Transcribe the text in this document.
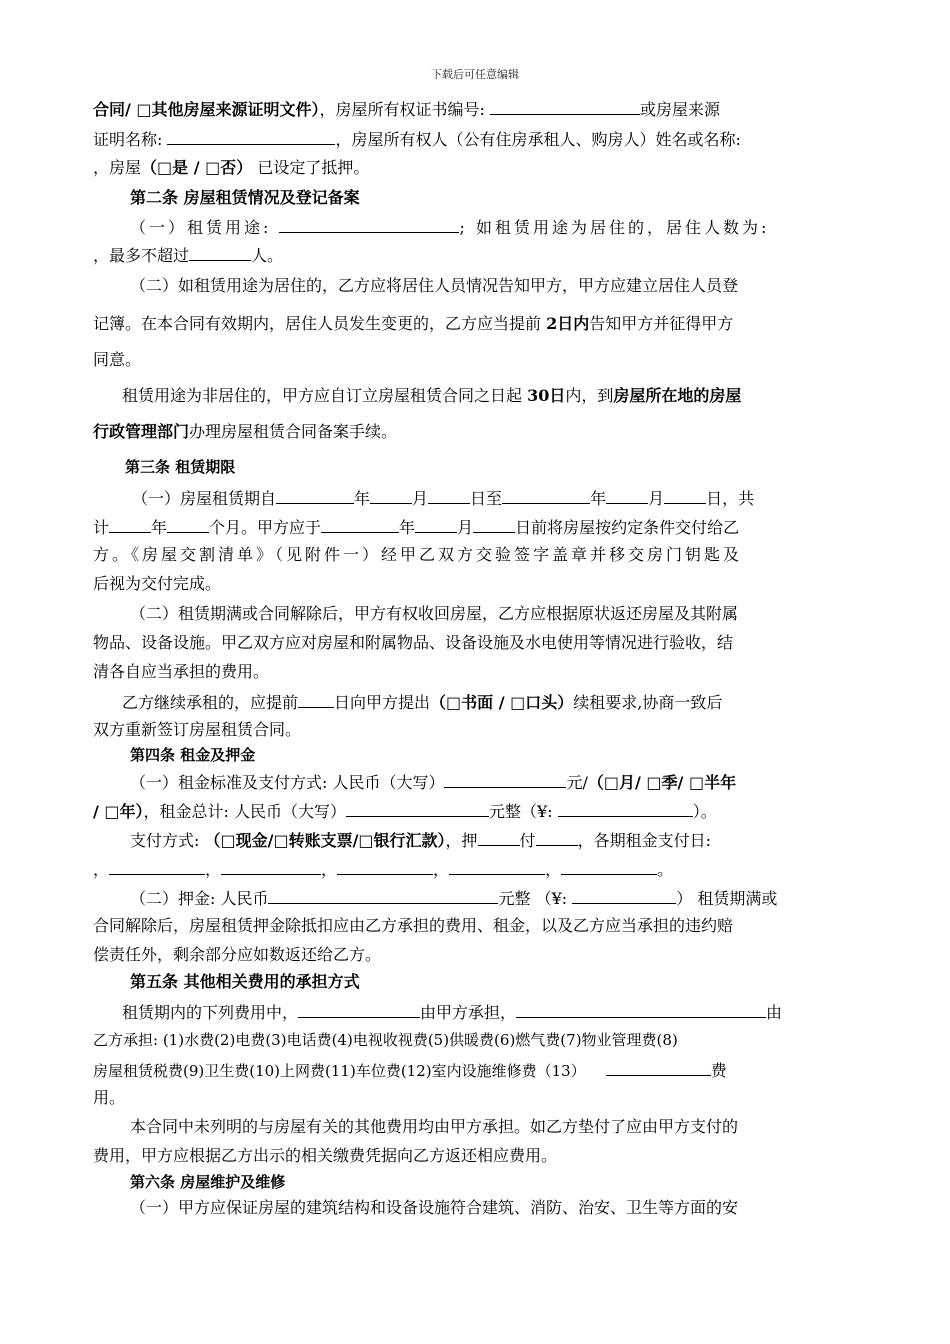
下载后可任意编辑
合同/ □其他房屋来源证明文件），房屋所有权证书编号:	或房屋来源
证明名称:	，房屋所有权人（公有住房承租人、购房人）姓名或名称:
，房屋（□是 / □否） 已设定了抵押。
第二条 房屋租赁情况及登记备案
（一）租赁用途:	; 如租赁用途为居住的，居住人数为:
，最多不超过	人。
（二）如租赁用途为居住的，乙方应将居住人员情况告知甲方，甲方应建立居住人员登
记簿。在本合同有效期内，居住人员发生变更的，乙方应当提前 2日内告知甲方并征得甲方
同意。
租赁用途为非居住的，甲方应自订立房屋租赁合同之日起 30日内，到房屋所在地的房屋
行政管理部门办理房屋租赁合同备案手续。
第三条 租赁期限
（一）房屋租赁期自	年	月	日至	年	月	日，共
计	年	个月。甲方应于	年	月	日前将房屋按约定条件交付给乙
方。《房屋交割清单》（见附件一）经甲乙双方交验签字盖章并移交房门钥匙及
后视为交付完成。
（二）租赁期满或合同解除后，甲方有权收回房屋，乙方应根据原状返还房屋及其附属
物品、设备设施。甲乙双方应对房屋和附属物品、设备设施及水电使用等情况进行验收，结
清各自应当承担的费用。
乙方继续承租的，应提前 日向甲方提出（□书面 / □口头）续租要求,协商一致后
双方重新签订房屋租赁合同。
第四条 租金及押金
（一）租金标准及支付方式: 人民币（大写）	元/（□月/ □季/ □半年
/ □年），租金总计: 人民币（大写）	元整（¥:	）。
支付方式: （□现金/□转账支票/□银行汇款），押	付	，各期租金支付日:
，	，	，	，	，	。
（二）押金: 人民币	元整 （¥:	） 租赁期满或
合同解除后，房屋租赁押金除抵扣应由乙方承担的费用、租金，以及乙方应当承担的违约赔
偿责任外，剩余部分应如数返还给乙方。
第五条 其他相关费用的承担方式
租赁期内的下列费用中，	由甲方承担，	由
乙方承担: (1)水费(2)电费(3)电话费(4)电视收视费(5)供暖费(6)燃气费(7)物业管理费(8)
房屋租赁税费(9)卫生费(10)上网费(11)车位费(12)室内设施维修费（13）	费
用。
本合同中未列明的与房屋有关的其他费用均由甲方承担。如乙方垫付了应由甲方支付的
费用，甲方应根据乙方出示的相关缴费凭据向乙方返还相应费用。
第六条 房屋维护及维修
（一）甲方应保证房屋的建筑结构和设备设施符合建筑、消防、治安、卫生等方面的安
